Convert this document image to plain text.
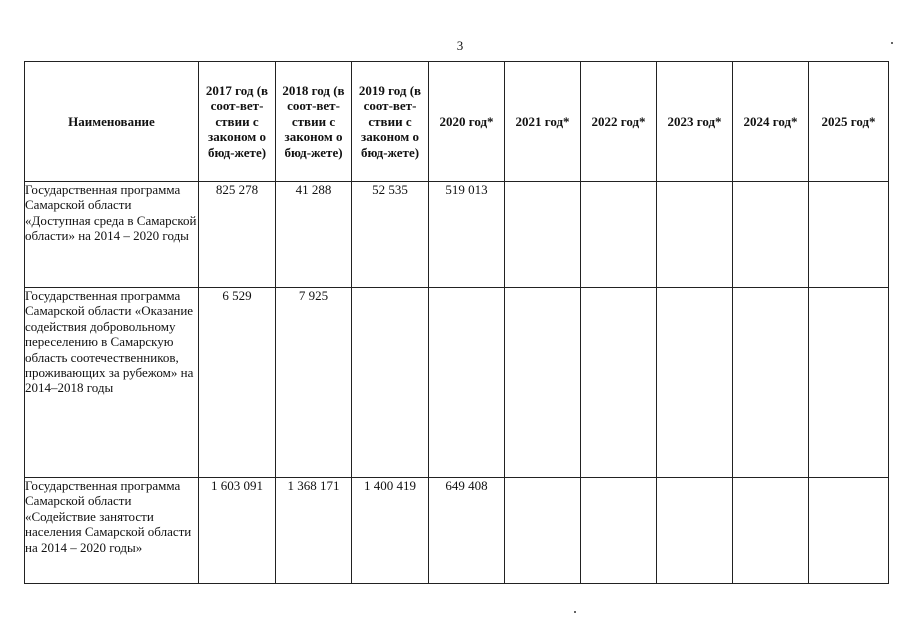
3
Наименование	2017 год (в соот-вет-ствии с законом о бюд-жете)	2018 год (в соот-вет-ствии с законом о бюд-жете)	2019 год (в соот-вет-ствии с законом о бюд-жете)	2020 год*	2021 год*	2022 год*	2023 год*	2024 год*	2025 год*
Государственная программа Самарской области «Доступная среда в Самарской области» на 2014 – 2020 годы	825 278	41 288	52 535	519 013					
Государственная программа Самарской области «Оказание содействия добровольному переселению в Самарскую область соотечественников, проживающих за рубежом» на 2014–2018 годы	6 529	7 925							
Государственная программа Самарской области «Содействие занятости населения Самарской области на 2014 – 2020 годы»	1 603 091	1 368 171	1 400 419	649 408					
